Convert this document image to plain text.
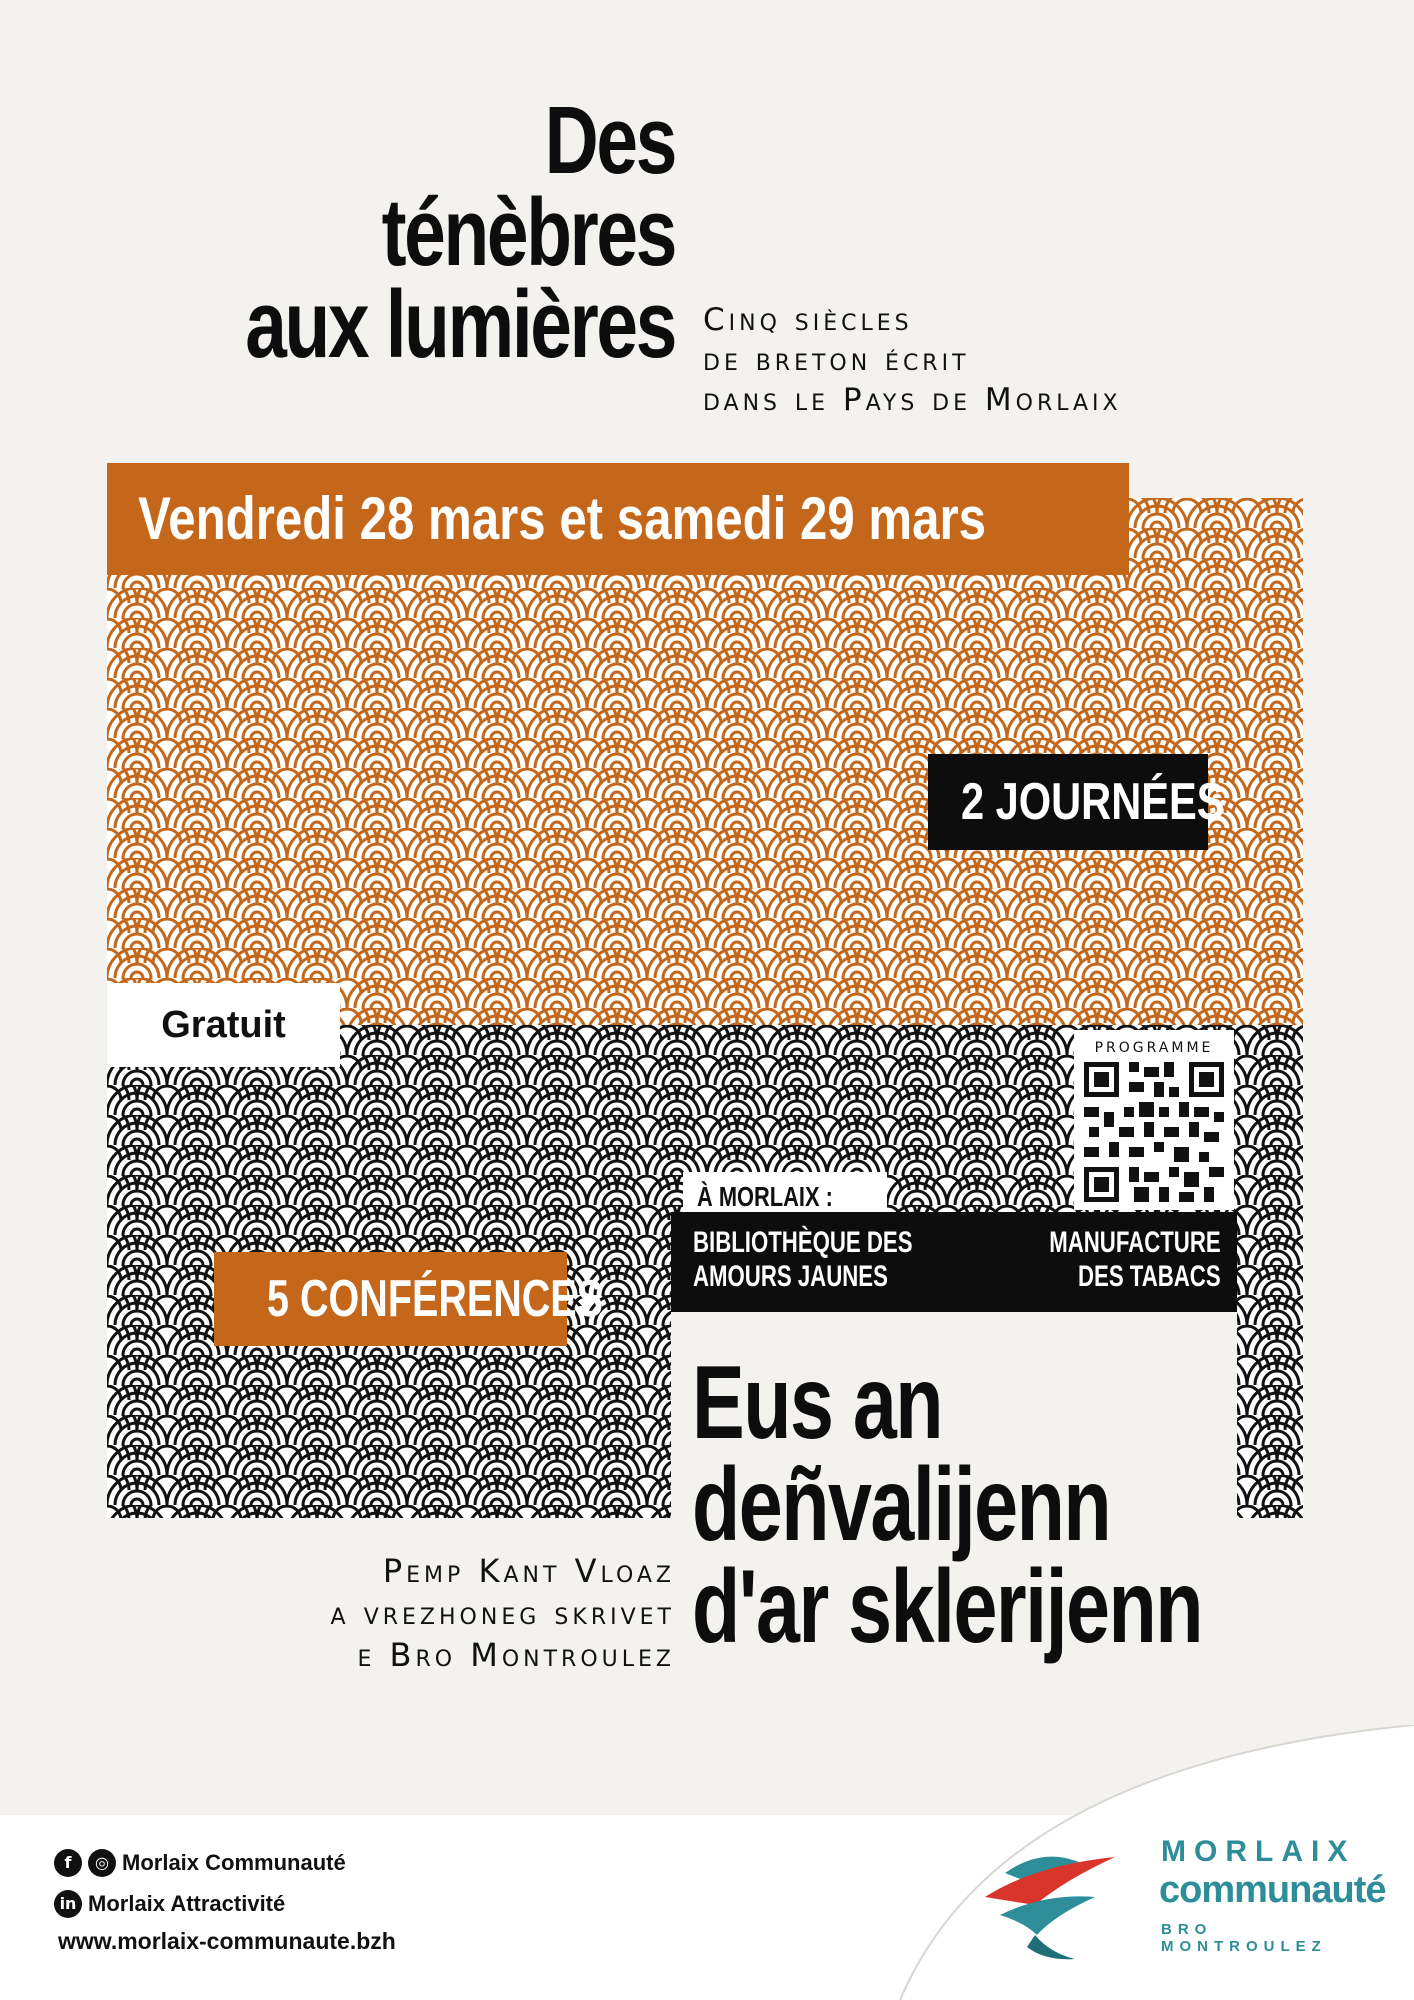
Des
ténèbres
aux lumières Cinq siècles
de breton écrit
dans le Pays de Morlaix
Vendredi 28 mars et samedi 29 mars
2 JOURNÉES
Gratuit
PROGRAMME
À MORLAIX :
BIBLIOTHÈQUE DES
AMOURS JAUNES
MANUFACTURE
DES TABACS
5 CONFÉRENCES
Eus an
deñvalijenn
d'ar sklerijenn
Pemp Kant Vloaz
a vrezhoneg skrivet
e Bro Montroulez
f	◎ Morlaix Communauté
in Morlaix Attractivité
www.morlaix-communaute.bzh
MORLAIX
communauté
BRO MONTROULEZ
